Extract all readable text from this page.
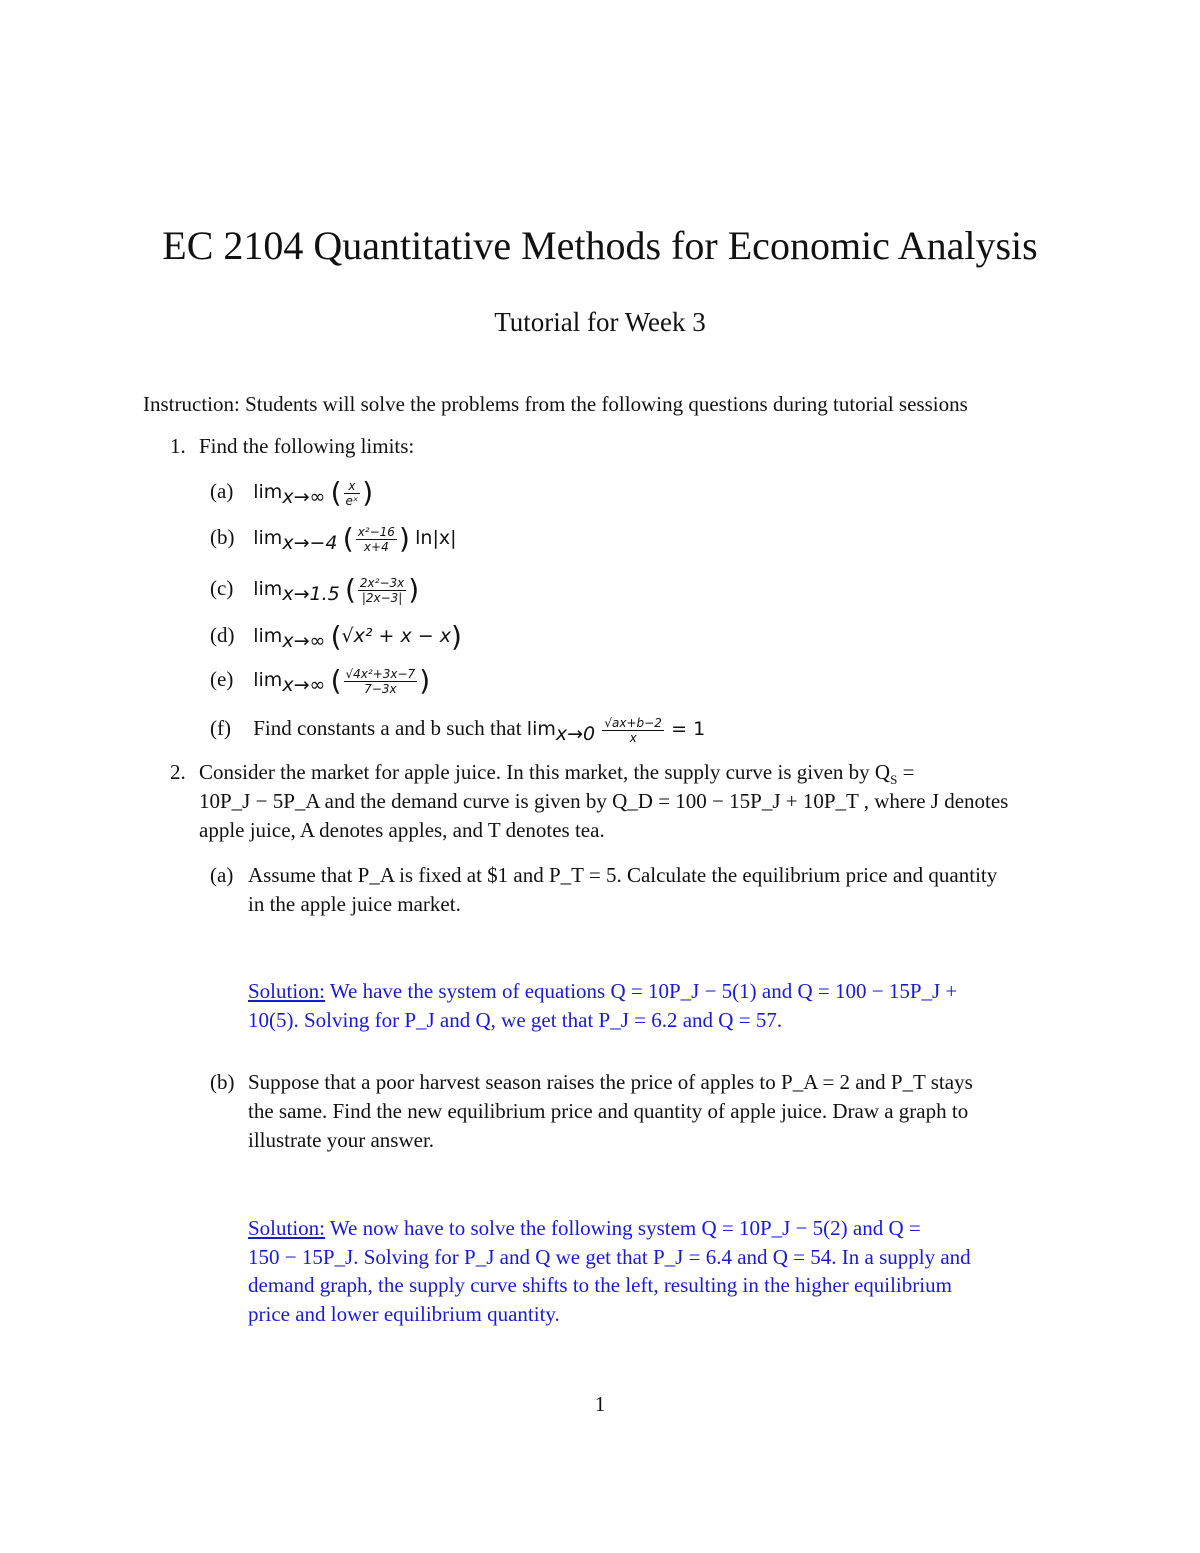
EC 2104 Quantitative Methods for Economic Analysis
Tutorial for Week 3
Instruction: Students will solve the problems from the following questions during tutorial sessions
1. Find the following limits:
(a) $\lim_{x\to\infty}$ ( $\frac{x}{\text{eˣ}}$ )
(b) $\lim_{x\to-4}$ ( $\frac{\text{x²−16}}{x+4}$ ) ln|x|
(c) $\lim_{x\to 1.5}$ ( $\frac{\text{2x²−3x}}{|2x-3|}$ )
(d) $\lim_{x\to\infty} (√x^2 + x - x)$
(e) $\lim_{x\to\infty}$ ( $\frac{\text{√4x²+3x−7}}{7-3x}$ )
(f) Find constants a and b such that $\lim_{x\to 0} \frac{√ax+b-2}{x} = 1$
2. Consider the market for apple juice. In this market, the supply curve is given by $Q_S$ =
10P_J − 5P_A and the demand curve is given by Q_D = 100 − 15P_J + 10P_T , where J denotes
apple juice, A denotes apples, and T denotes tea.
(a) Assume that P_A is fixed at $1 and P_T = 5. Calculate the equilibrium price and quantity
in the apple juice market.
Solution: We have the system of equations Q = 10P_J − 5(1) and Q = 100 − 15P_J +
10(5). Solving for P_J and Q, we get that P_J = 6.2 and Q = 57.
(b) Suppose that a poor harvest season raises the price of apples to P_A = 2 and P_T stays
the same. Find the new equilibrium price and quantity of apple juice. Draw a graph to
illustrate your answer.
Solution: We now have to solve the following system Q = 10P_J − 5(2) and Q =
150 − 15P_J. Solving for P_J and Q we get that P_J = 6.4 and Q = 54. In a supply and
demand graph, the supply curve shifts to the left, resulting in the higher equilibrium
price and lower equilibrium quantity.
1
